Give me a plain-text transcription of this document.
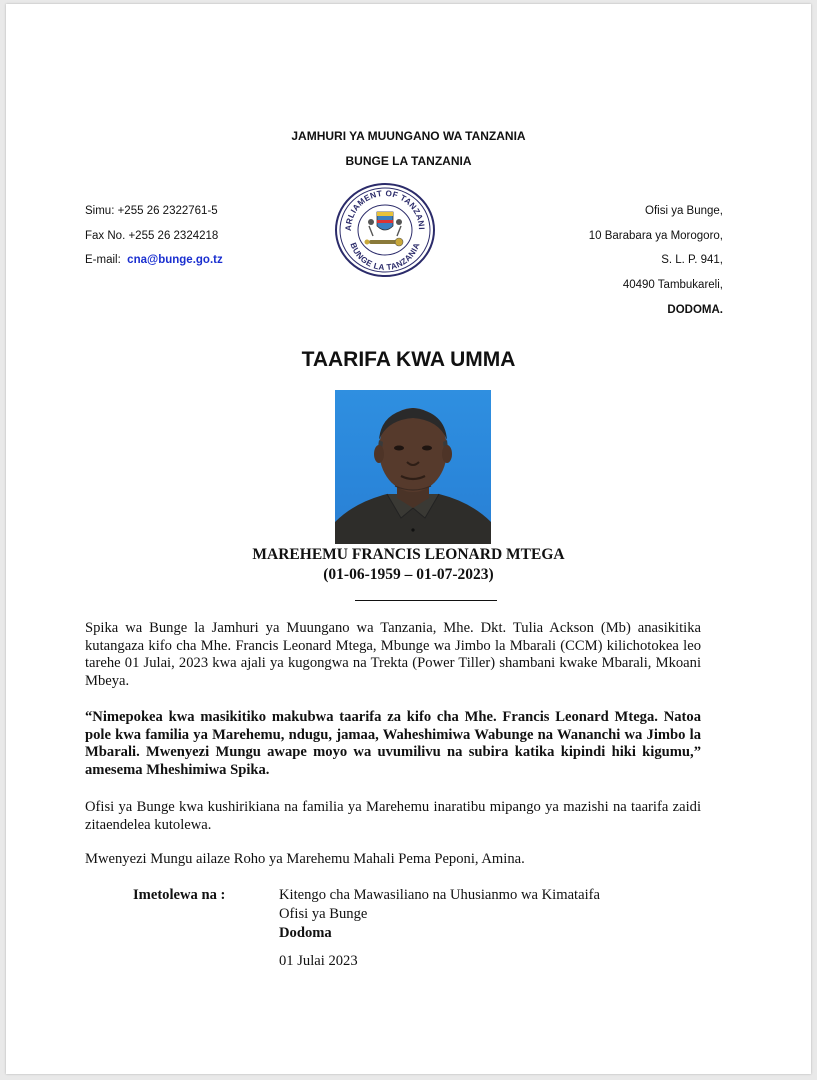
JAMHURI YA MUUNGANO WA TANZANIA
BUNGE LA TANZANIA
Simu: +255 26 2322761-5
Fax No. +255 26 2324218
E-mail: cna@bunge.go.tz
ARLIAMENT OF TANZANI
BUNGE LA TANZANIA
Ofisi ya Bunge,
10 Barabara ya Morogoro,
S. L. P. 941,
40490 Tambukareli,
DODOMA.
TAARIFA KWA UMMA
MAREHEMU FRANCIS LEONARD MTEGA
(01-06-1959 – 01-07-2023)
Spika wa Bunge la Jamhuri ya Muungano wa Tanzania, Mhe. Dkt. Tulia Ackson (Mb) anasikitika kutangaza kifo cha Mhe. Francis Leonard Mtega, Mbunge wa Jimbo la Mbarali (CCM) kilichotokea leo tarehe 01 Julai, 2023 kwa ajali ya kugongwa na Trekta (Power Tiller) shambani kwake Mbarali, Mkoani Mbeya.
“Nimepokea kwa masikitiko makubwa taarifa za kifo cha Mhe. Francis Leonard Mtega. Natoa pole kwa familia ya Marehemu, ndugu, jamaa, Waheshimiwa Wabunge na Wananchi wa Jimbo la Mbarali. Mwenyezi Mungu awape moyo wa uvumilivu na subira katika kipindi hiki kigumu,” amesema Mheshimiwa Spika.
Ofisi ya Bunge kwa kushirikiana na familia ya Marehemu inaratibu mipango ya mazishi na taarifa zaidi zitaendelea kutolewa.
Mwenyezi Mungu ailaze Roho ya Marehemu Mahali Pema Peponi, Amina.
Imetolewa na :	Kitengo cha Mawasiliano na Uhusianmo wa Kimataifa
Ofisi ya Bunge
Dodoma
01 Julai 2023
